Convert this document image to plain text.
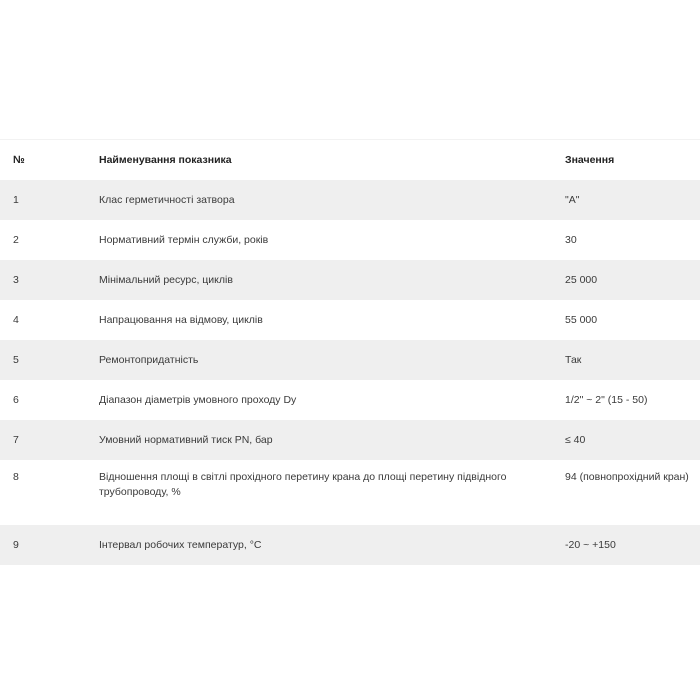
№	Найменування показника	Значення
1	Клас герметичності затвора	"A"
2	Нормативний термін служби, років	30
3	Мінімальний ресурс, циклів	25 000
4	Напрацювання на відмову, циклів	55 000
5	Ремонтопридатність	Так
6	Діапазон діаметрів умовного проходу Dy	1/2" ~ 2" (15 - 50)
7	Умовний нормативний тиск PN, бар	≤ 40
8	Відношення площі в світлі прохідного перетину крана до площі перетину підвідного трубопроводу, %	94 (повнопрохідний кран)
9	Інтервал робочих температур, °С	-20 ~ +150
